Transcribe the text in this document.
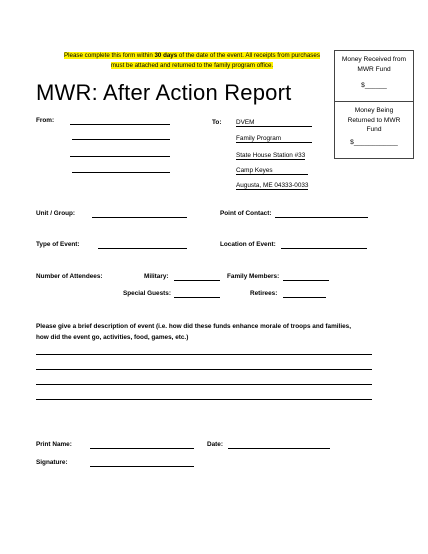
Please complete this form within 30 days of the date of the event. All receipts from purchases must be attached and returned to the family program office.
MWR: After Action Report
Money Received from MWR Fund
$______
Money Being Returned to MWR Fund
$____________
From:	To: DVEM
Family Program
State House Station #33
Camp Keyes
Augusta, ME 04333-0033
Unit / Group:	Point of Contact:
Type of Event:	Location of Event:
Number of Attendees:	Military:	Family Members:
Special Guests:	Retirees:
Please give a brief description of event (i.e. how did these funds enhance morale of troops and families, how did the event go, activities, food, games, etc.)
Print Name:	Date:
Signature:
